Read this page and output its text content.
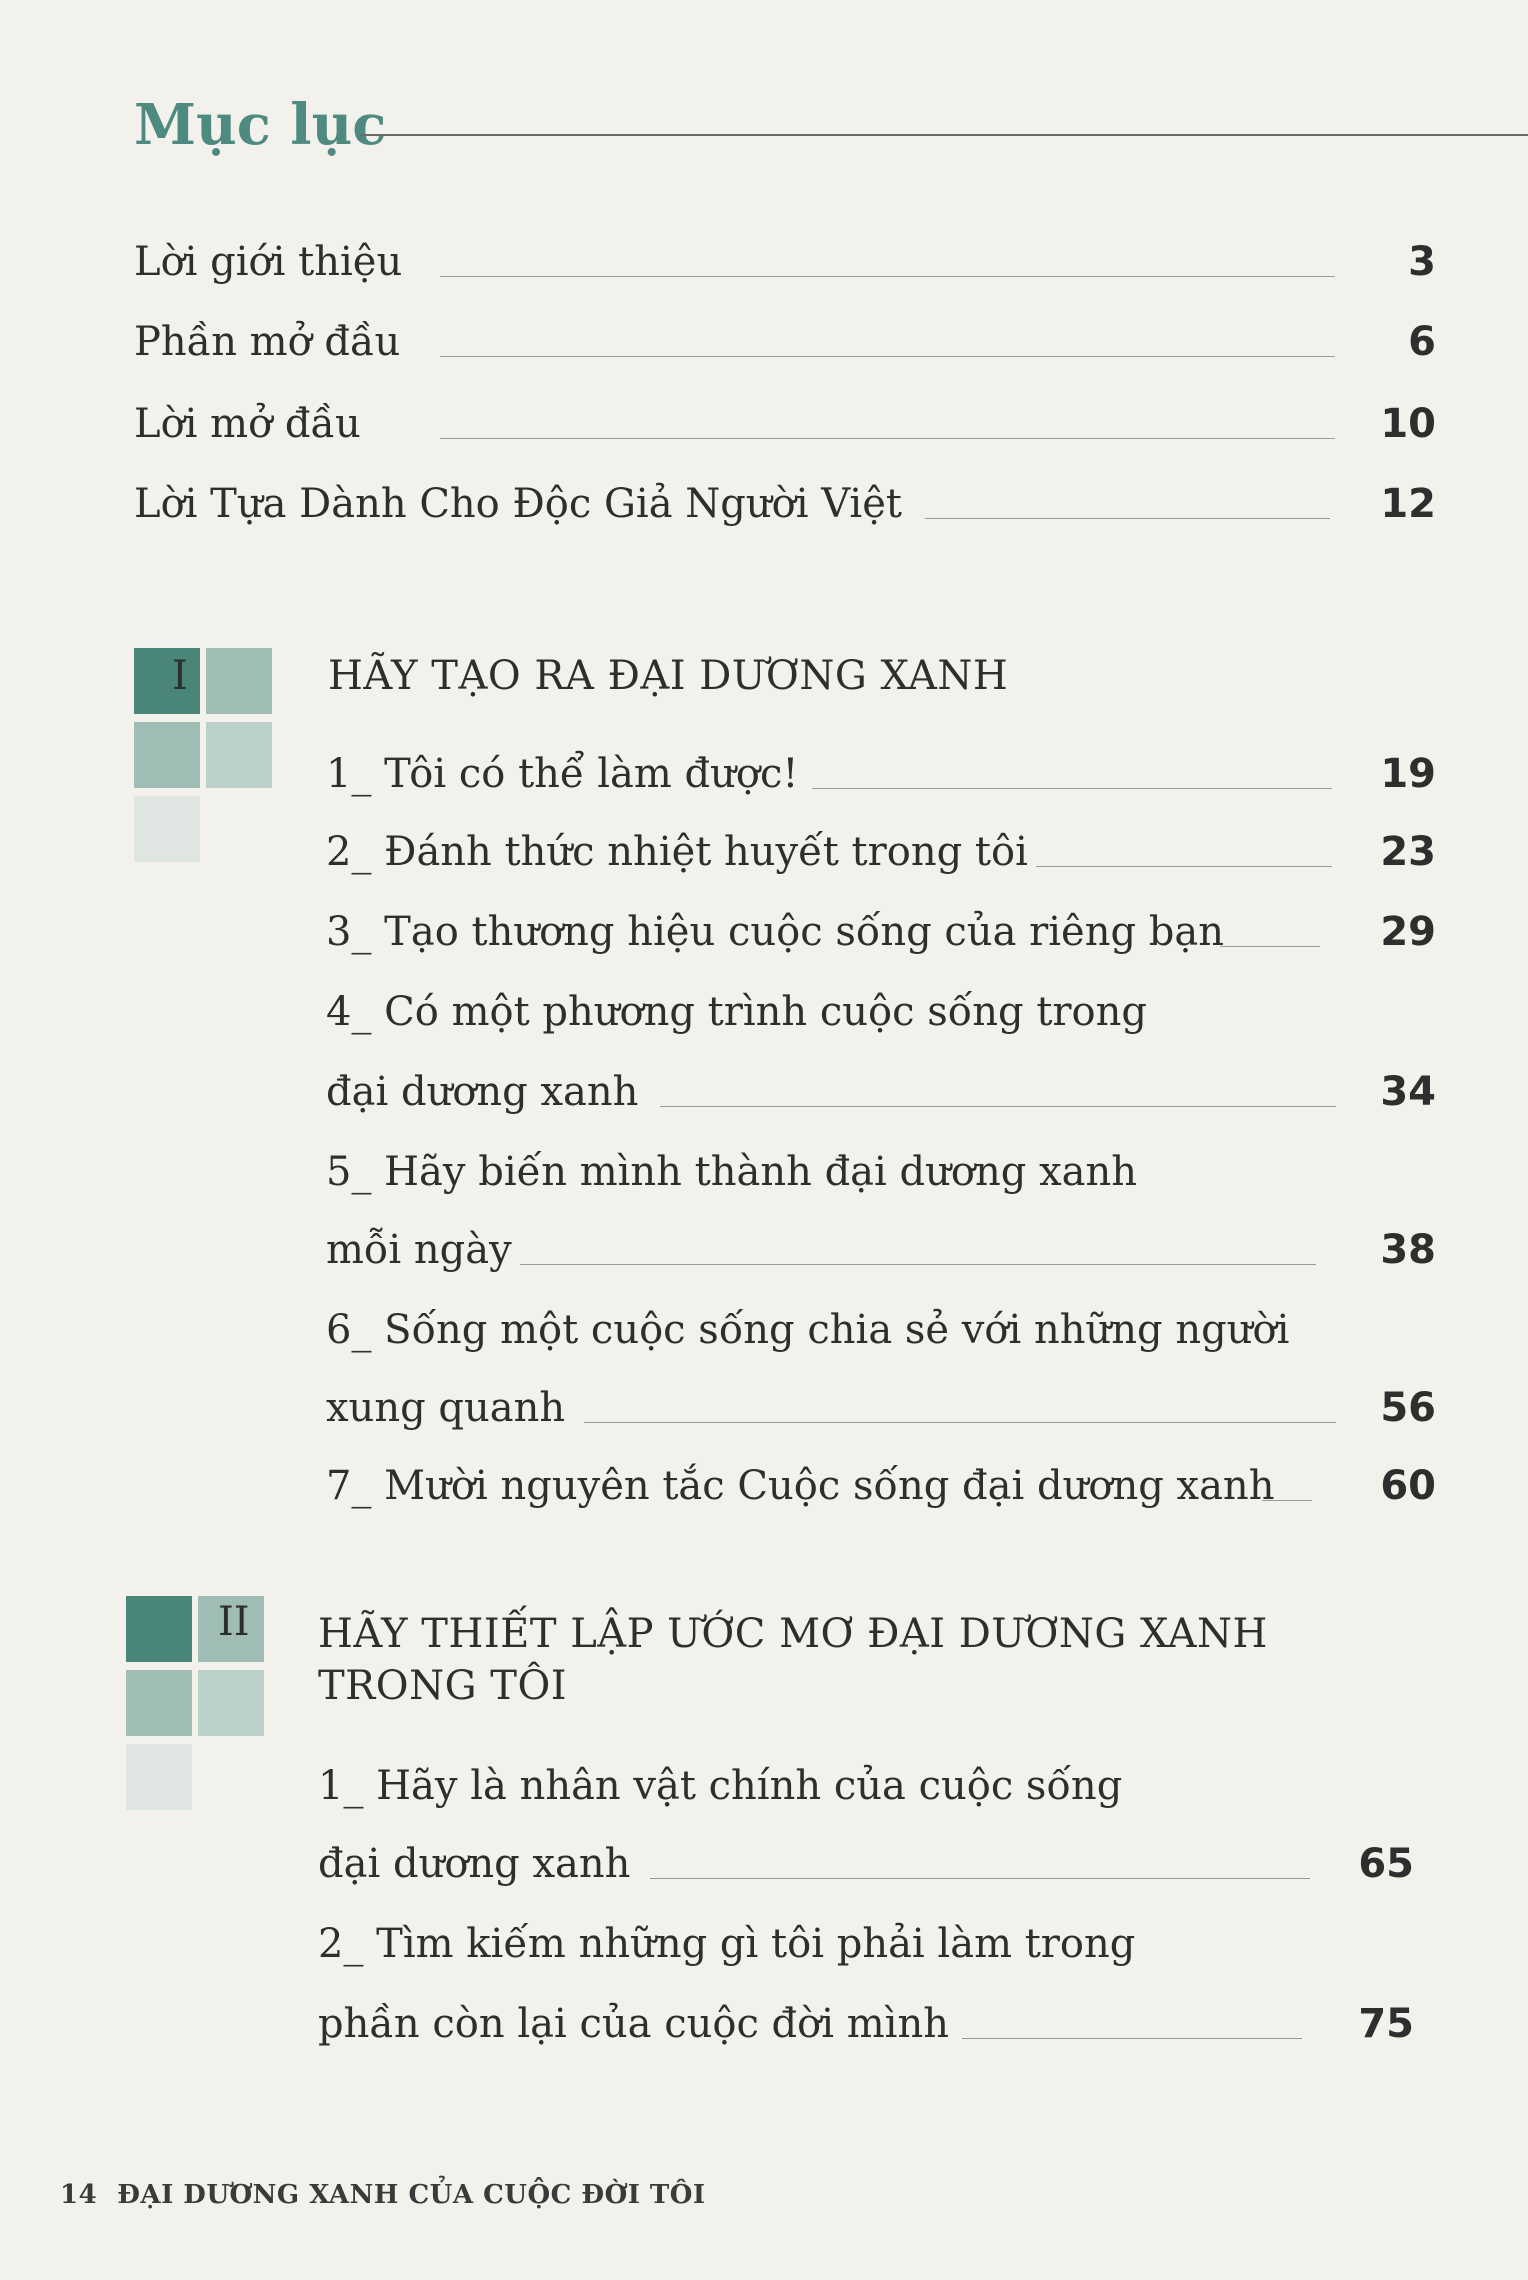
Mục lục
Lời giới thiệu	3
Phần mở đầu	6
Lời mở đầu	10
Lời Tựa Dành Cho Độc Giả Người Việt	12
I	HÃY TẠO RA ĐẠI DƯƠNG XANH
1_ Tôi có thể làm được!	19
2_ Đánh thức nhiệt huyết trong tôi	23
3_ Tạo thương hiệu cuộc sống của riêng bạn	29
4_ Có một phương trình cuộc sống trong
đại dương xanh	34
5_ Hãy biến mình thành đại dương xanh
mỗi ngày	38
6_ Sống một cuộc sống chia sẻ với những người
xung quanh	56
7_ Mười nguyên tắc Cuộc sống đại dương xanh	60
II HÃY THIẾT LẬP ƯỚC MƠ ĐẠI DƯƠNG XANH
TRONG TÔI
1_ Hãy là nhân vật chính của cuộc sống
đại dương xanh	65
2_ Tìm kiếm những gì tôi phải làm trong
phần còn lại của cuộc đời mình	75
14 ĐẠI DƯƠNG XANH CỦA CUỘC ĐỜI TÔI
